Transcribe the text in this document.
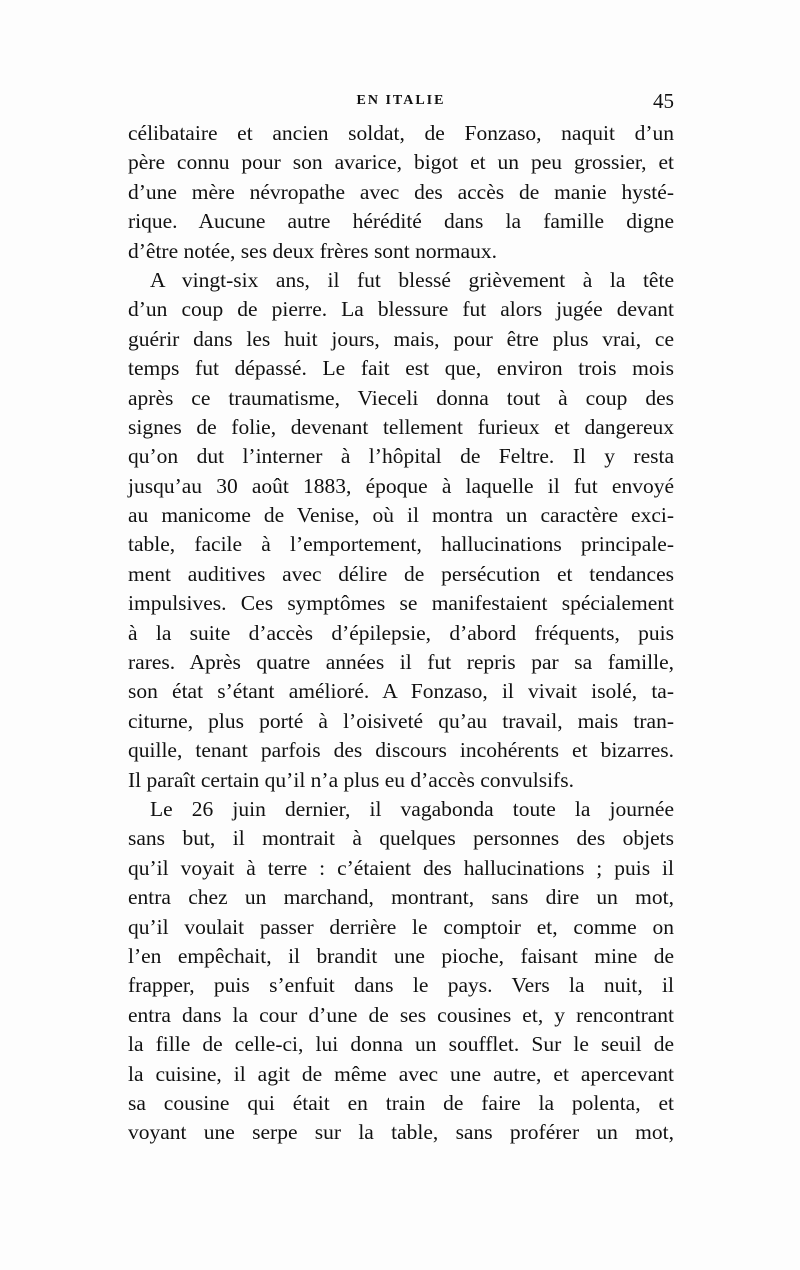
EN ITALIE	45
célibataire et ancien soldat, de Fonzaso, naquit d’un
père connu pour son avarice, bigot et un peu grossier, et
d’une mère névropathe avec des accès de manie hysté-
rique. Aucune autre hérédité dans la famille digne
d’être notée, ses deux frères sont normaux.
A vingt-six ans, il fut blessé grièvement à la tête
d’un coup de pierre. La blessure fut alors jugée devant
guérir dans les huit jours, mais, pour être plus vrai, ce
temps fut dépassé. Le fait est que, environ trois mois
après ce traumatisme, Vieceli donna tout à coup des
signes de folie, devenant tellement furieux et dangereux
qu’on dut l’interner à l’hôpital de Feltre. Il y resta
jusqu’au 30 août 1883, époque à laquelle il fut envoyé
au manicome de Venise, où il montra un caractère exci-
table, facile à l’emportement, hallucinations principale-
ment auditives avec délire de persécution et tendances
impulsives. Ces symptômes se manifestaient spécialement
à la suite d’accès d’épilepsie, d’abord fréquents, puis
rares. Après quatre années il fut repris par sa famille,
son état s’étant amélioré. A Fonzaso, il vivait isolé, ta-
citurne, plus porté à l’oisiveté qu’au travail, mais tran-
quille, tenant parfois des discours incohérents et bizarres.
Il paraît certain qu’il n’a plus eu d’accès convulsifs.
Le 26 juin dernier, il vagabonda toute la journée
sans but, il montrait à quelques personnes des objets
qu’il voyait à terre : c’étaient des hallucinations ; puis il
entra chez un marchand, montrant, sans dire un mot,
qu’il voulait passer derrière le comptoir et, comme on
l’en empêchait, il brandit une pioche, faisant mine de
frapper, puis s’enfuit dans le pays. Vers la nuit, il
entra dans la cour d’une de ses cousines et, y rencontrant
la fille de celle-ci, lui donna un soufflet. Sur le seuil de
la cuisine, il agit de même avec une autre, et apercevant
sa cousine qui était en train de faire la polenta, et
voyant une serpe sur la table, sans proférer un mot,
